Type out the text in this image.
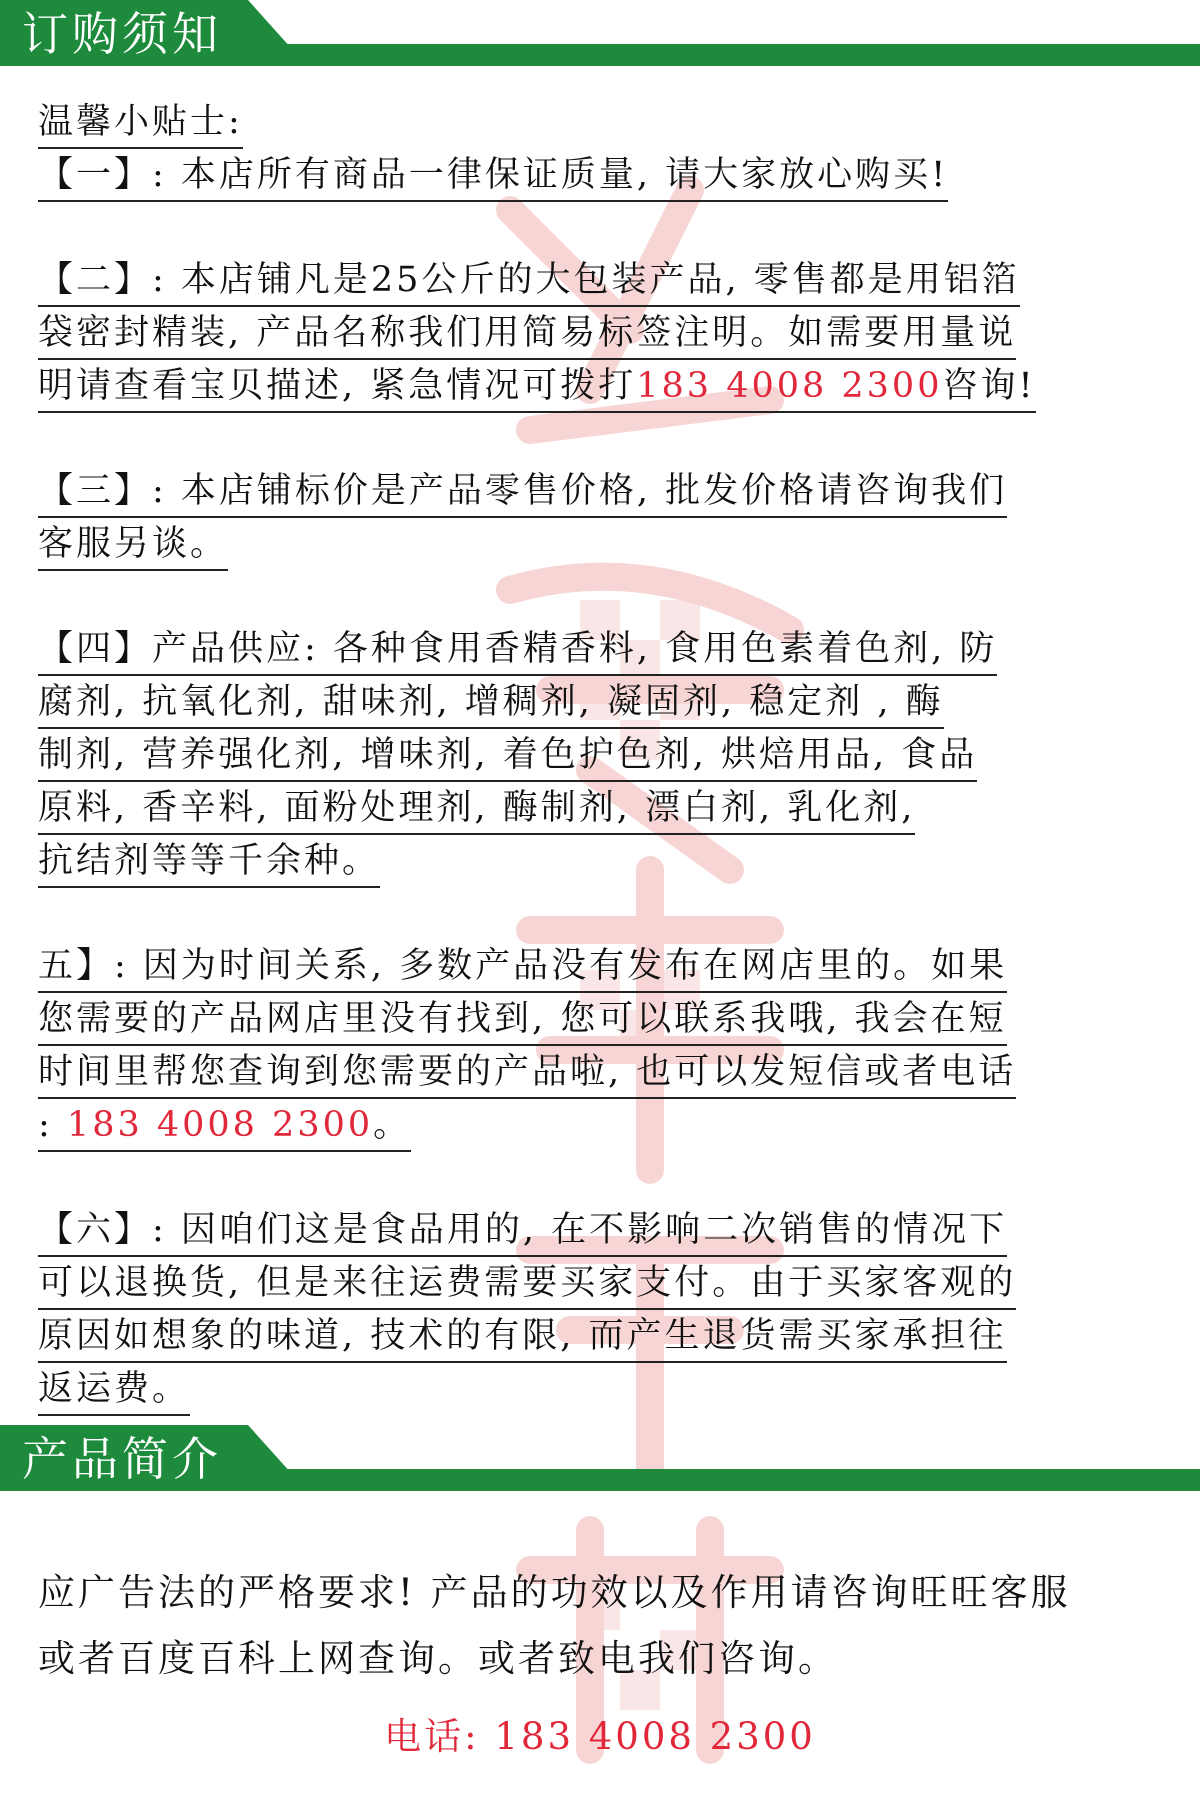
订购须知

温馨小贴士:

【一】: 本店所有商品一律保证质量, 请大家放心购买!

【二】: 本店铺凡是25公斤的大包装产品, 零售都是用铝箔
袋密封精装, 产品名称我们用简易标签注明。如需要用量说
明请查看宝贝描述, 紧急情况可拨打183 4008 2300咨询!

【三】: 本店铺标价是产品零售价格, 批发价格请咨询我们
客服另谈。

【四】产品供应: 各种食用香精香料, 食用色素着色剂, 防
腐剂, 抗氧化剂, 甜味剂, 增稠剂, 凝固剂, 稳定剂 , 酶
制剂, 营养强化剂, 增味剂, 着色护色剂, 烘焙用品, 食品
原料, 香辛料, 面粉处理剂, 酶制剂, 漂白剂, 乳化剂,
抗结剂等等千余种。

五】: 因为时间关系, 多数产品没有发布在网店里的。如果
您需要的产品网店里没有找到, 您可以联系我哦, 我会在短
时间里帮您查询到您需要的产品啦, 也可以发短信或者电话
: 183 4008 2300。

【六】: 因咱们这是食品用的, 在不影响二次销售的情况下
可以退换货, 但是来往运费需要买家支付。由于买家客观的
原因如想象的味道, 技术的有限, 而产生退货需买家承担往
返运费。

产品简介
应广告法的严格要求! 产品的功效以及作用请咨询旺旺客服
或者百度百科上网查询。或者致电我们咨询。
电话: 183 4008 2300
